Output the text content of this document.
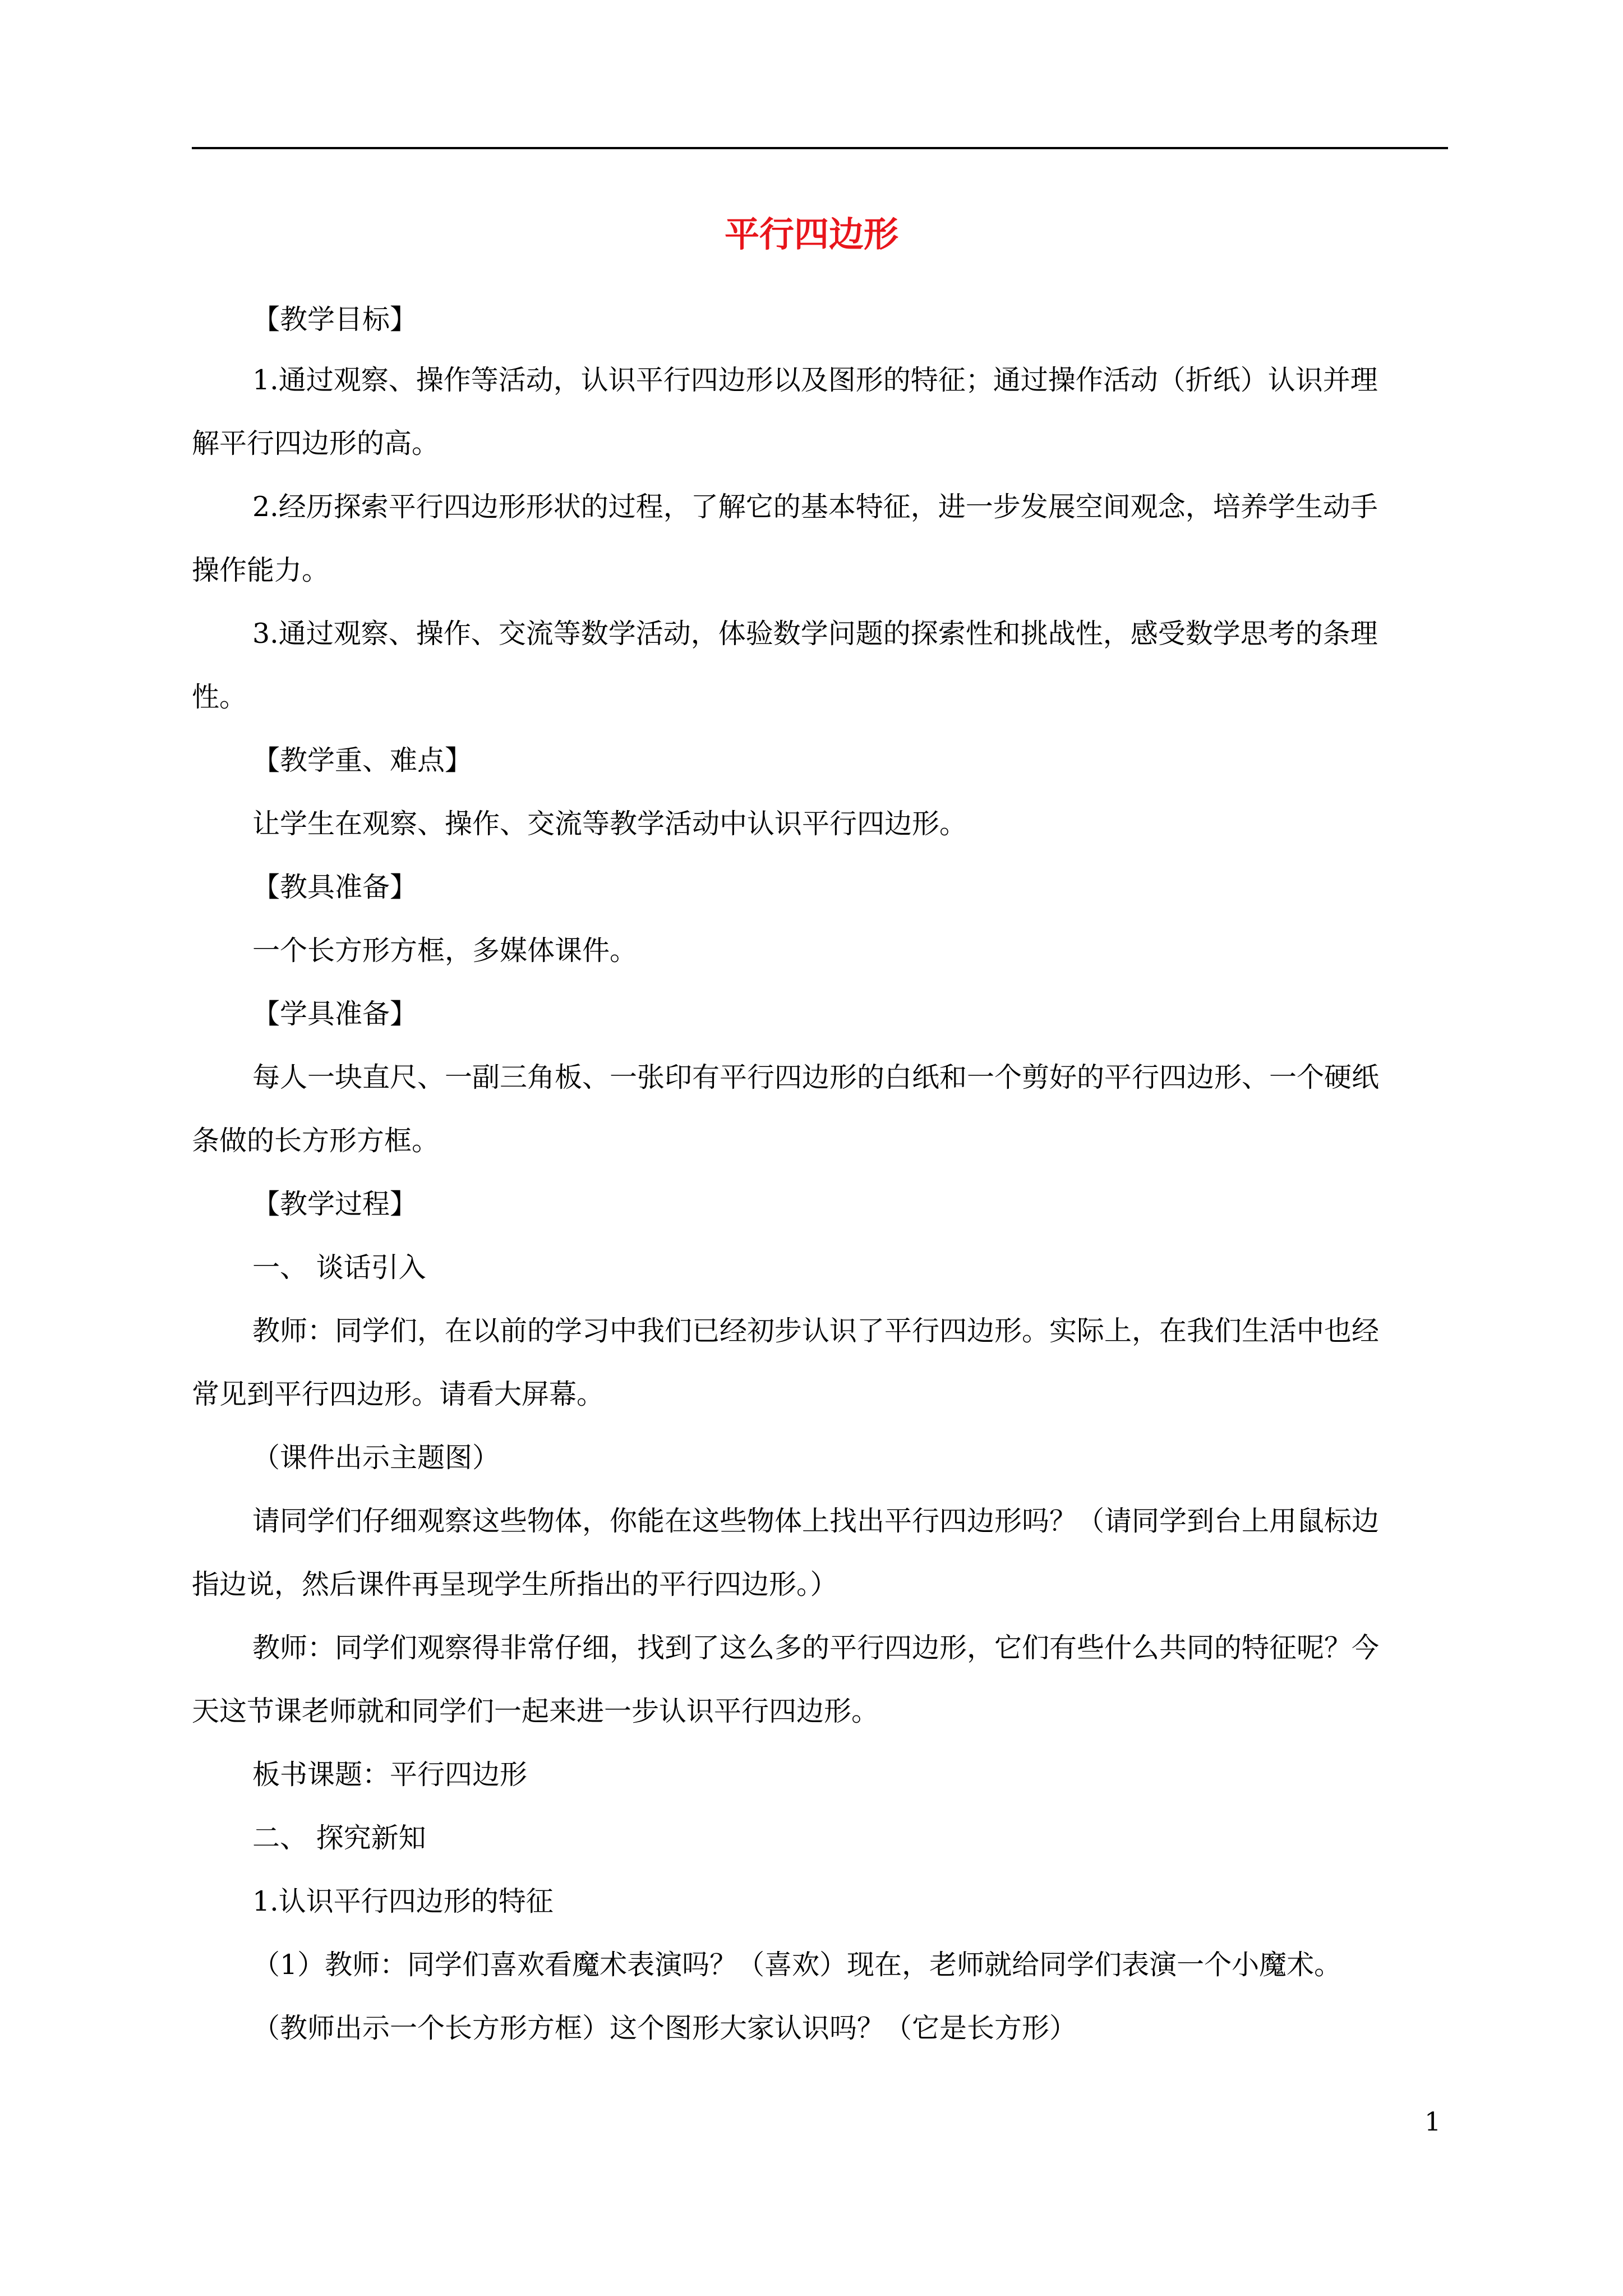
平行四边形
【教学目标】
1.通过观察、操作等活动，认识平行四边形以及图形的特征；通过操作活动（折纸）认识并理
解平行四边形的高。
2.经历探索平行四边形形状的过程，了解它的基本特征，进一步发展空间观念，培养学生动手
操作能力。
3.通过观察、操作、交流等数学活动，体验数学问题的探索性和挑战性，感受数学思考的条理
性。
【教学重、难点】
让学生在观察、操作、交流等教学活动中认识平行四边形。
【教具准备】
一个长方形方框，多媒体课件。
【学具准备】
每人一块直尺、一副三角板、一张印有平行四边形的白纸和一个剪好的平行四边形、一个硬纸
条做的长方形方框。
【教学过程】
一、 谈话引入
教师：同学们，在以前的学习中我们已经初步认识了平行四边形。实际上，在我们生活中也经
常见到平行四边形。请看大屏幕。
（课件出示主题图）
请同学们仔细观察这些物体，你能在这些物体上找出平行四边形吗？（请同学到台上用鼠标边
指边说，然后课件再呈现学生所指出的平行四边形。）
教师：同学们观察得非常仔细，找到了这么多的平行四边形，它们有些什么共同的特征呢？今
天这节课老师就和同学们一起来进一步认识平行四边形。
板书课题：平行四边形
二、 探究新知
1.认识平行四边形的特征
（1）教师：同学们喜欢看魔术表演吗？（喜欢）现在，老师就给同学们表演一个小魔术。
（教师出示一个长方形方框）这个图形大家认识吗？（它是长方形）
1
